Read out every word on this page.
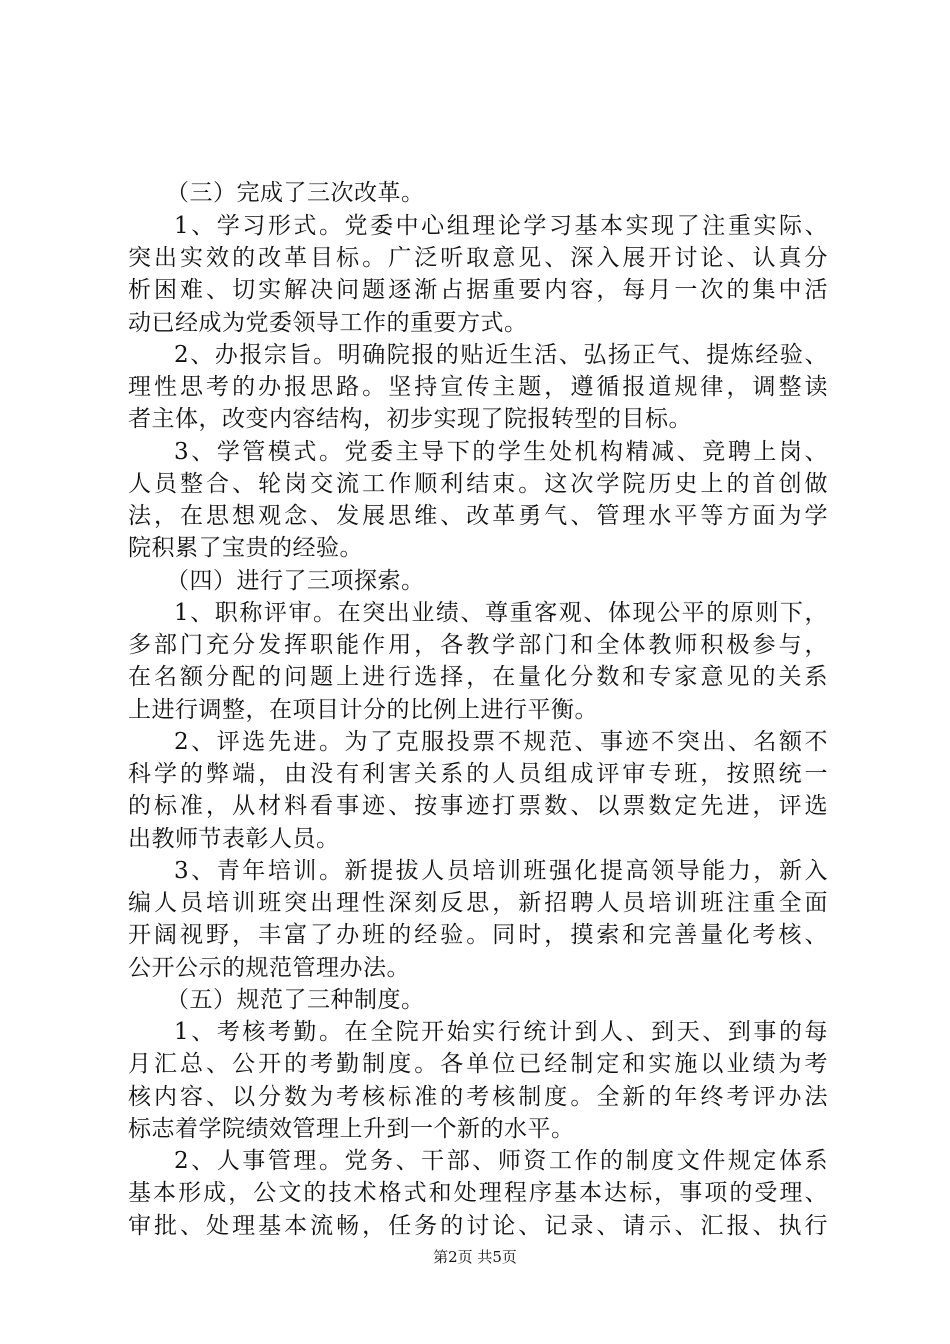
（三）完成了三次改革。
1、学习形式。党委中心组理论学习基本实现了注重实际、
突出实效的改革目标。广泛听取意见、深入展开讨论、认真分
析困难、切实解决问题逐渐占据重要内容，每月一次的集中活
动已经成为党委领导工作的重要方式。
2、办报宗旨。明确院报的贴近生活、弘扬正气、提炼经验、
理性思考的办报思路。坚持宣传主题，遵循报道规律，调整读
者主体，改变内容结构，初步实现了院报转型的目标。
3、学管模式。党委主导下的学生处机构精减、竞聘上岗、
人员整合、轮岗交流工作顺利结束。这次学院历史上的首创做
法，在思想观念、发展思维、改革勇气、管理水平等方面为学
院积累了宝贵的经验。
（四）进行了三项探索。
1、职称评审。在突出业绩、尊重客观、体现公平的原则下，
多部门充分发挥职能作用，各教学部门和全体教师积极参与，
在名额分配的问题上进行选择，在量化分数和专家意见的关系
上进行调整，在项目计分的比例上进行平衡。
2、评选先进。为了克服投票不规范、事迹不突出、名额不
科学的弊端，由没有利害关系的人员组成评审专班，按照统一
的标准，从材料看事迹、按事迹打票数、以票数定先进，评选
出教师节表彰人员。
3、青年培训。新提拔人员培训班强化提高领导能力，新入
编人员培训班突出理性深刻反思，新招聘人员培训班注重全面
开阔视野，丰富了办班的经验。同时，摸索和完善量化考核、
公开公示的规范管理办法。
（五）规范了三种制度。
1、考核考勤。在全院开始实行统计到人、到天、到事的每
月汇总、公开的考勤制度。各单位已经制定和实施以业绩为考
核内容、以分数为考核标准的考核制度。全新的年终考评办法
标志着学院绩效管理上升到一个新的水平。
2、人事管理。党务、干部、师资工作的制度文件规定体系
基本形成，公文的技术格式和处理程序基本达标，事项的受理、
审批、处理基本流畅，任务的讨论、记录、请示、汇报、执行
第2页 共5页
